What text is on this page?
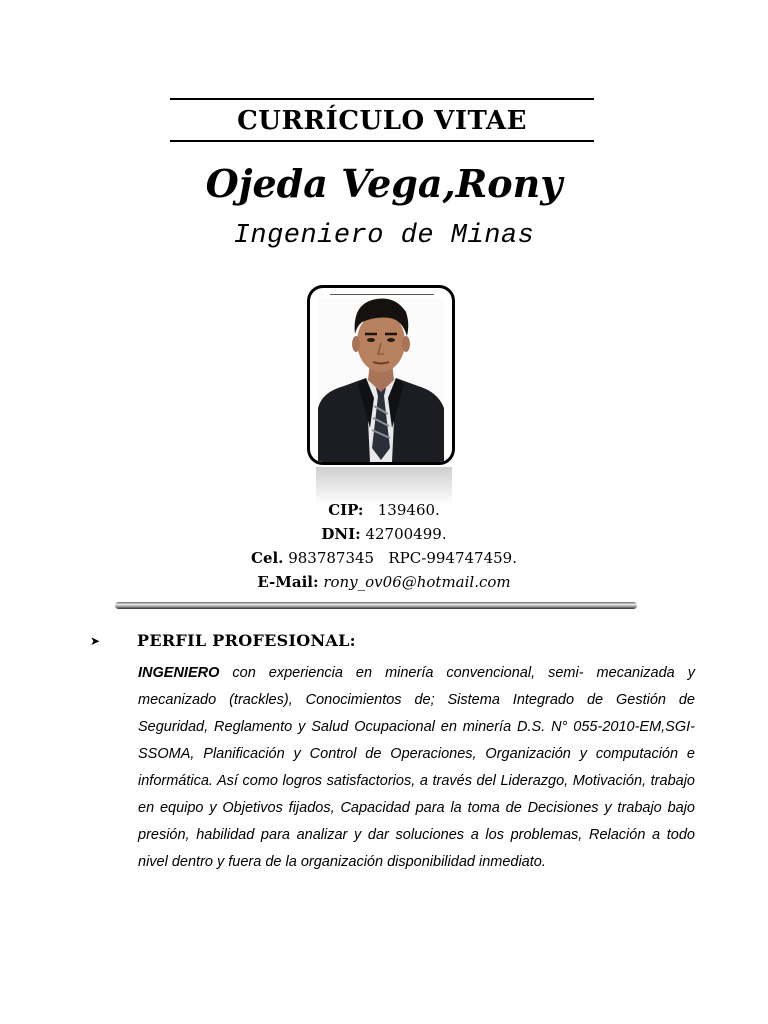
CURRÍCULO VITAE
Ojeda Vega,Rony
Ingeniero de Minas
CIP: 139460.
DNI: 42700499.
Cel. 983787345   RPC-994747459.
E-Mail: rony_ov06@hotmail.com
➤ PERFIL PROFESIONAL:
INGENIERO con experiencia en minería convencional, semi- mecanizada y mecanizado (trackles), Conocimientos de; Sistema Integrado de Gestión de Seguridad, Reglamento y Salud Ocupacional en minería D.S. N° 055-2010-EM,SGI-SSOMA, Planificación y Control de Operaciones, Organización y computación e informática. Así como logros satisfactorios, a través del Liderazgo, Motivación, trabajo en equipo y Objetivos fijados, Capacidad para la toma de Decisiones y trabajo bajo presión, habilidad para analizar y dar soluciones a los problemas, Relación a todo nivel dentro y fuera de la organización disponibilidad inmediato.
